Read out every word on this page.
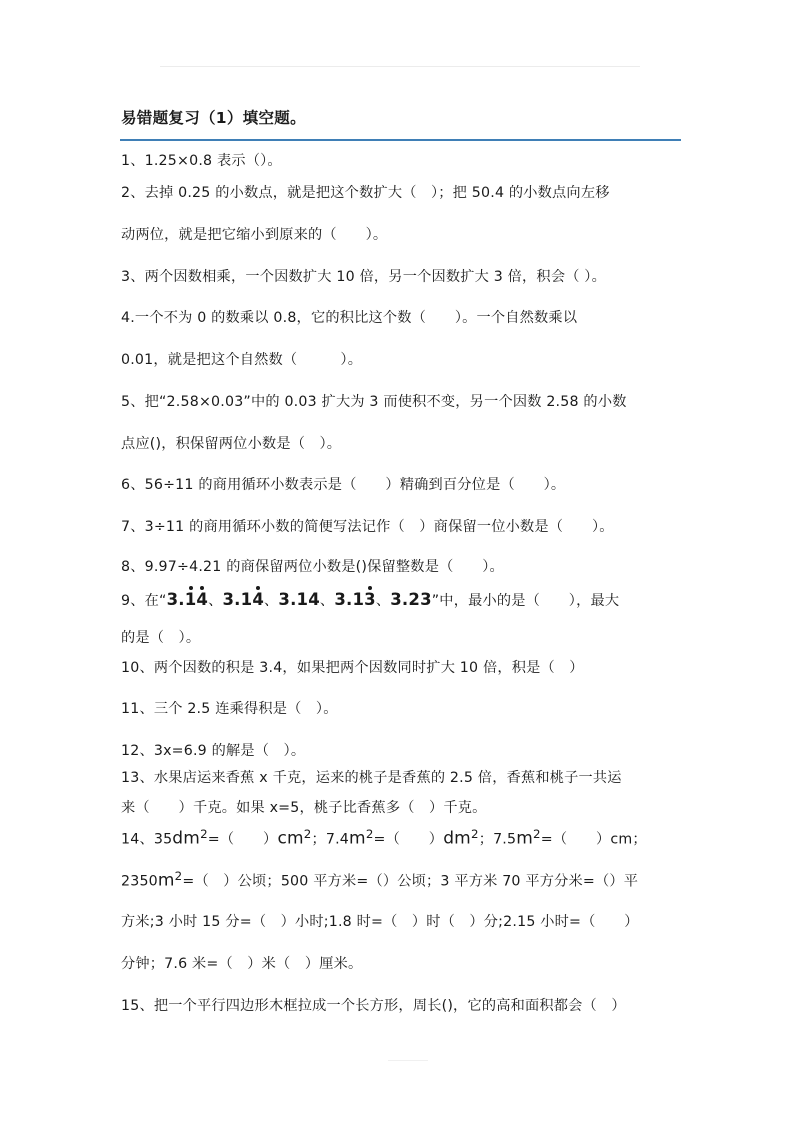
易错题复习（1）填空题。
1、1.25×0.8 表示（）。
2、去掉 0.25 的小数点，就是把这个数扩大（　）；把 50.4 的小数点向左移
动两位，就是把它缩小到原来的（　　）。
3、两个因数相乘，一个因数扩大 10 倍，另一个因数扩大 3 倍，积会（ ）。
4.一个不为 0 的数乘以 0.8，它的积比这个数（　　）。一个自然数乘以
0.01，就是把这个自然数（　　　）。
5、把“2.58×0.03”中的 0.03 扩大为 3 而使积不变，另一个因数 2.58 的小数
点应()，积保留两位小数是（　）。
6、56÷11 的商用循环小数表示是（　　）精确到百分位是（　　）。
7、3÷11 的商用循环小数的简便写法记作（　）商保留一位小数是（　　）。
8、9.97÷4.21 的商保留两位小数是()保留整数是（　　）。
9、在“3.14、3.14、3.14、3.13、3.23”中，最小的是（　　），最大
的是（　）。
10、两个因数的积是 3.4，如果把两个因数同时扩大 10 倍，积是（　）
11、三个 2.5 连乘得积是（　）。
12、3x=6.9 的解是（　）。
13、水果店运来香蕉 x 千克，运来的桃子是香蕉的 2.5 倍，香蕉和桃子一共运
来（　　）千克。如果 x=5，桃子比香蕉多（　）千克。
14、$35dm^2=$（　　）$cm^2$；$7.4m^2=$（　　）$dm^2$；$7.5m^2=$（　　）cm；
$2350m^2=$（　）公顷；500 平方米=（）公顷；3 平方米 70 平方分米=（）平
方米;3 小时 15 分=（　）小时;1.8 时=（　）时（　）分;2.15 小时=（　　）
分钟；7.6 米=（　）米（　）厘米。
15、把一个平行四边形木框拉成一个长方形，周长()，它的高和面积都会（　）
